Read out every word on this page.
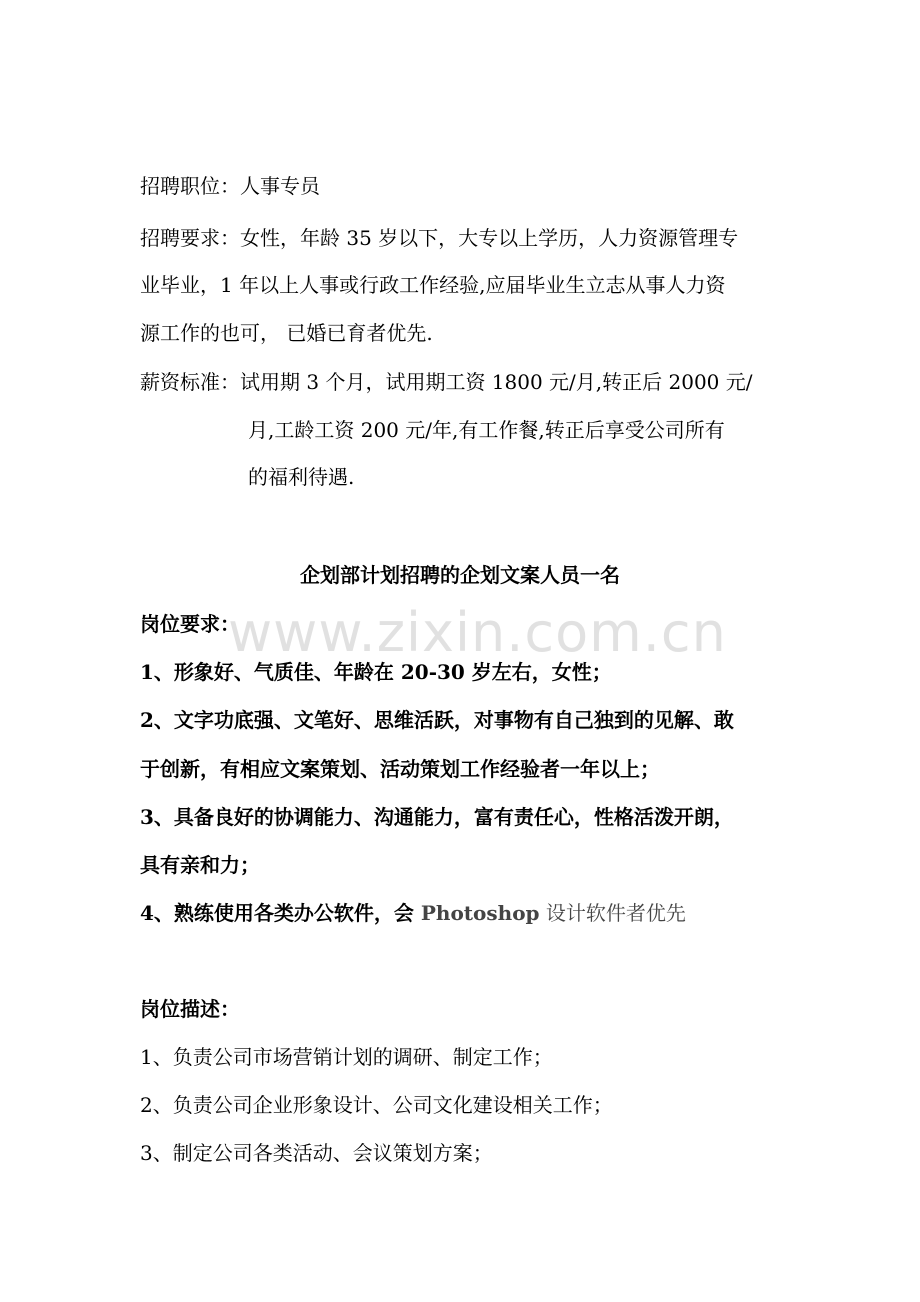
www.zixin.com.cn
招聘职位：人事专员
招聘要求：女性，年龄 35 岁以下，大专以上学历，人力资源管理专
业毕业，1 年以上人事或行政工作经验,应届毕业生立志从事人力资
源工作的也可， 已婚已育者优先.
薪资标准：试用期 3 个月，试用期工资 1800 元/月,转正后 2000 元/
月,工龄工资 200 元/年,有工作餐,转正后享受公司所有
的福利待遇.
企划部计划招聘的企划文案人员一名
岗位要求：
1、形象好、气质佳、年龄在 20-30 岁左右，女性；
2、文字功底强、文笔好、思维活跃，对事物有自己独到的见解、敢
于创新，有相应文案策划、活动策划工作经验者一年以上；
3、具备良好的协调能力、沟通能力，富有责任心，性格活泼开朗，
具有亲和力；
4、熟练使用各类办公软件，会 Photoshop 设计软件者优先
岗位描述：
1、负责公司市场营销计划的调研、制定工作；
2、负责公司企业形象设计、公司文化建设相关工作；
3、制定公司各类活动、会议策划方案；
